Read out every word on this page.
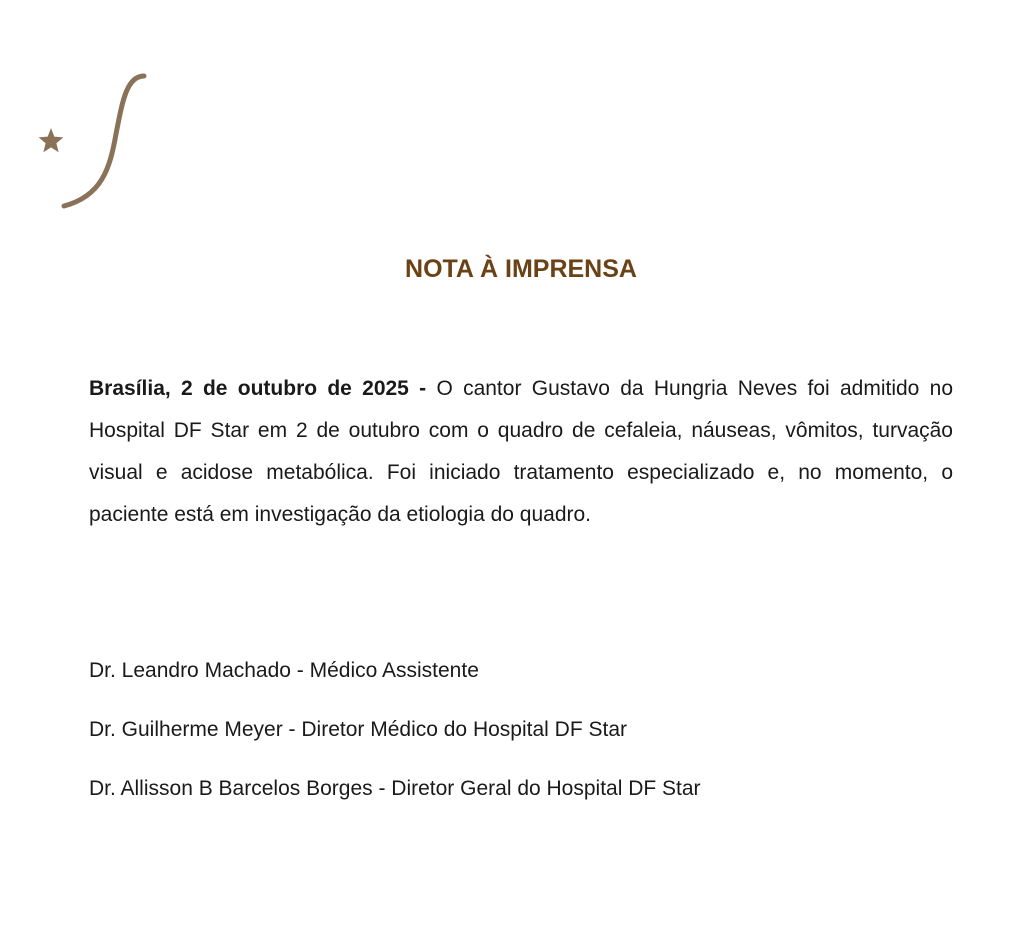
NOTA À IMPRENSA
Brasília, 2 de outubro de 2025 - O cantor Gustavo da Hungria Neves foi admitido no Hospital DF Star em 2 de outubro com o quadro de cefaleia, náuseas, vômitos, turvação visual e acidose metabólica. Foi iniciado tratamento especializado e, no momento, o paciente está em investigação da etiologia do quadro.
Dr. Leandro Machado - Médico Assistente
Dr. Guilherme Meyer - Diretor Médico do Hospital DF Star
Dr. Allisson B Barcelos Borges - Diretor Geral do Hospital DF Star
